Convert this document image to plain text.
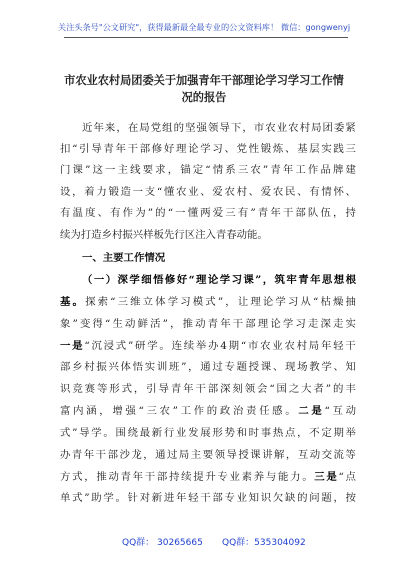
关注头条号"公文研究"，获得最新最全最专业的公文资料库！ 微信：gongwenyj
市农业农村局团委关于加强青年干部理论学习学习工作情
况的报告
近 年 来 ， 在 局 党 组 的 坚 强 领 导 下 ， 市 农 业 农 村 局 团 委 紧
扣 “ 引 导 青 年 干 部 修 好 理 论 学 习 、 党 性 锻 炼 、 基 层 实 践 三
门 课 ” 这 一 主 线 要 求 ， 锚 定 “ 情 系 三 农 ” 青 年 工 作 品 牌 建
设 ， 着 力 锻 造 一 支 “ 懂 农 业 、 爱 农 村 、 爱 农 民 、 有 情 怀 、
有 温 度 、 有 作 为 ” 的 “ 一 懂 两 爱 三 有 ” 青 年 干 部 队 伍 ， 持
续 为 打 造 乡 村 振 兴 样 板 先 行 区 注 入 青 春 动 能 。
一、主要工作情况
（ 一 ） 深 学 细 悟 修 好 “ 理 论 学 习 课 ” ， 筑 牢 青 年 思 想 根
基 。 探 索 “ 三 维 立 体 学 习 模 式 ” ， 让 理 论 学 习 从 “ 枯 燥 抽
象 ” 变 得 “ 生 动 鲜 活 ” ， 推 动 青 年 干 部 理 论 学 习 走 深 走 实
一 是 “ 沉 浸 式 ” 研 学 。 连 续 举 办 4 期 “ 市 农 业 农 村 局 年 轻 干
部 乡 村 振 兴 体 悟 实 训 班 ” ， 通 过 专 题 授 课 、 现 场 教 学 、 知
识 竞 赛 等 形 式 ， 引 导 青 年 干 部 深 刻 领 会 “ 国 之 大 者 ” 的 丰
富 内 涵 ， 增 强 “ 三 农 ” 工 作 的 政 治 责 任 感 。 二 是 “ 互 动
式 ” 导 学 。 围 绕 最 新 行 业 发 展 形 势 和 时 事 热 点 ， 不 定 期 举
办 青 年 干 部 沙 龙 ， 通 过 局 主 要 领 导 授 课 讲 解 ， 互 动 交 流 等
方 式 ， 推 动 青 年 干 部 持 续 提 升 专 业 素 养 与 能 力 。 三 是 “ 点
单 式 ” 助 学 。 针 对 新 进 年 轻 干 部 专 业 知 识 欠 缺 的 问 题 ， 按
QQ群： 30265665 QQ群：535304092
